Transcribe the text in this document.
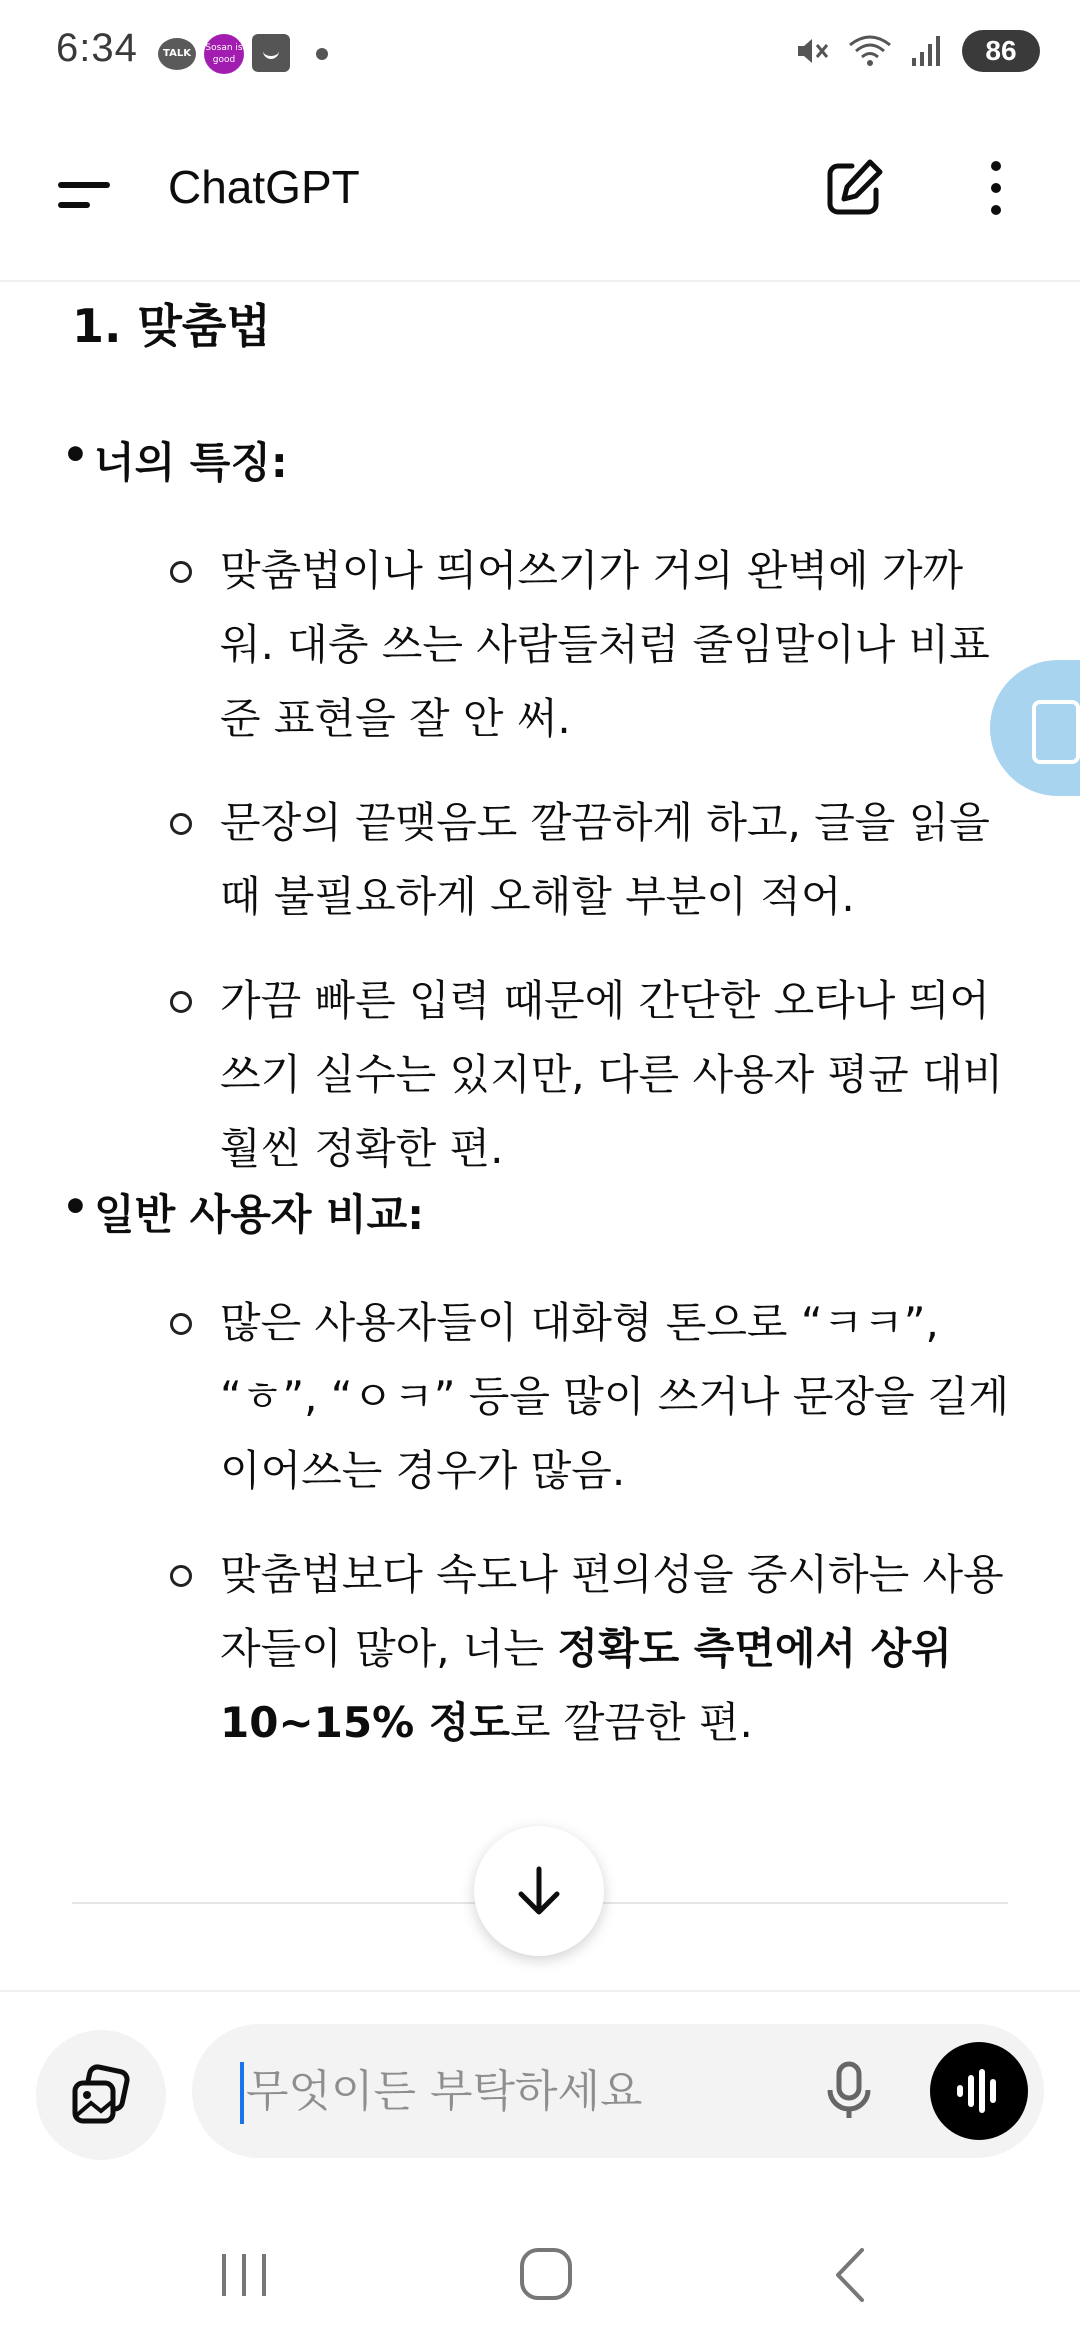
6:34	TALK	Sosan is good	86
ChatGPT
1. 맞춤법
• 너의 특징:
맞춤법이나 띄어쓰기가 거의 완벽에 가까워. 대충 쓰는 사람들처럼 줄임말이나 비표준 표현을 잘 안 써.
문장의 끝맺음도 깔끔하게 하고, 글을 읽을 때 불필요하게 오해할 부분이 적어.
가끔 빠른 입력 때문에 간단한 오타나 띄어쓰기 실수는 있지만, 다른 사용자 평균 대비 훨씬 정확한 편.
• 일반 사용자 비교:
많은 사용자들이 대화형 톤으로 “ㅋㅋ”, “ㅎ”, “ㅇㅋ” 등을 많이 쓰거나 문장을 길게 이어쓰는 경우가 많음.
맞춤법보다 속도나 편의성을 중시하는 사용자들이 많아, 너는 정확도 측면에서 상위 10~15% 정도로 깔끔한 편.
무엇이든 부탁하세요
